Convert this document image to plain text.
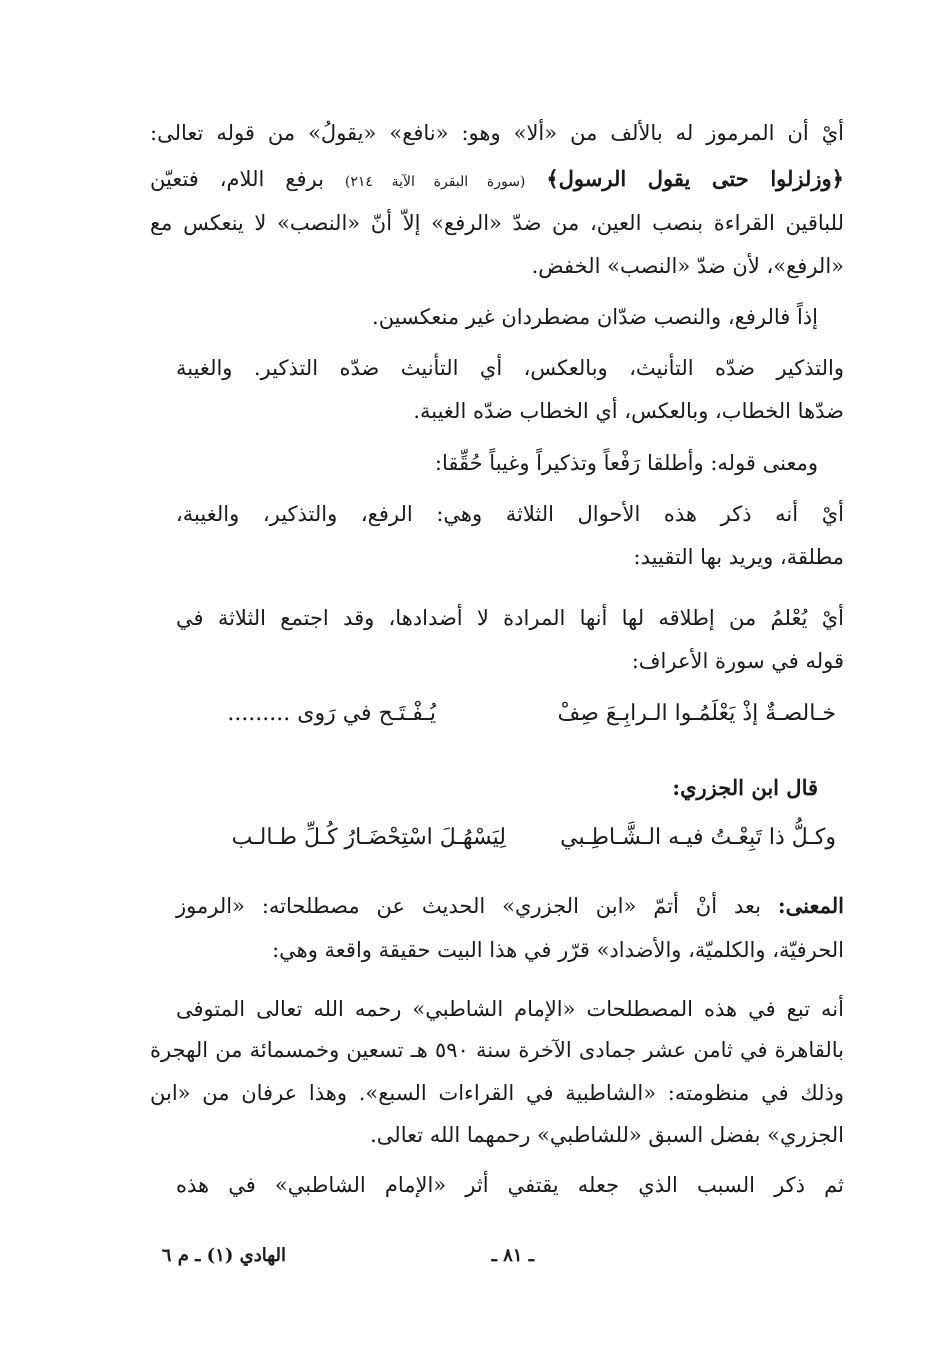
أيْ أن المرموز له بالألف من «ألا» وهو: «نافع» «يقولُ» من قوله تعالى:
﴿وزلزلوا حتى يقول الرسول﴾ (سورة البقرة الآية ٢١٤) برفع اللام، فتعيّن
للباقين القراءة بنصب العين، من ضدّ «الرفع» إلاّ أنّ «النصب» لا ينعكس مع
«الرفع»، لأن ضدّ «النصب» الخفض.
إذاً فالرفع، والنصب ضدّان مضطردان غير منعكسين.
والتذكير ضدّه التأنيث، وبالعكس، أي التأنيث ضدّه التذكير. والغيبة
ضدّها الخطاب، وبالعكس، أي الخطاب ضدّه الغيبة.
ومعنى قوله: وأطلقا رَفْعاً وتذكيراً وغيباً حُقِّقا:
أيْ أنه ذكر هذه الأحوال الثلاثة وهي: الرفع، والتذكير، والغيبة،
مطلقة، ويريد بها التقييد:
أيْ يُعْلمُ من إطلاقه لها أنها المرادة لا أضدادها، وقد اجتمع الثلاثة في
قوله في سورة الأعراف:
خـالصـةٌ إذْ يَعْلَمُـوا الـرابِـعَ صِفْ
يُـفْـتَـح في رَوى .........
قال ابن الجزري:
وكـلُّ ذا تَبِعْـتُ فيـه الـشَّـاطِـبي
لِيَسْهُـلَ اسْتِحْضَـارُ كُـلِّ طـالـب
المعنى: بعد أنْ أتمّ «ابن الجزري» الحديث عن مصطلحاته: «الرموز
الحرفيّة، والكلميّة، والأضداد» قرّر في هذا البيت حقيقة واقعة وهي:
أنه تبع في هذه المصطلحات «الإمام الشاطبي» رحمه الله تعالى المتوفى
بالقاهرة في ثامن عشر جمادى الآخرة سنة ٥٩٠ هـ تسعين وخمسمائة من الهجرة
وذلك في منظومته: «الشاطبية في القراءات السبع». وهذا عرفان من «ابن
الجزري» بفضل السبق «للشاطبي» رحمهما الله تعالى.
ثم ذكر السبب الذي جعله يقتفي أثر «الإمام الشاطبي» في هذه
ـ ٨١ ـ
الهادي (١) ـ م ٦
